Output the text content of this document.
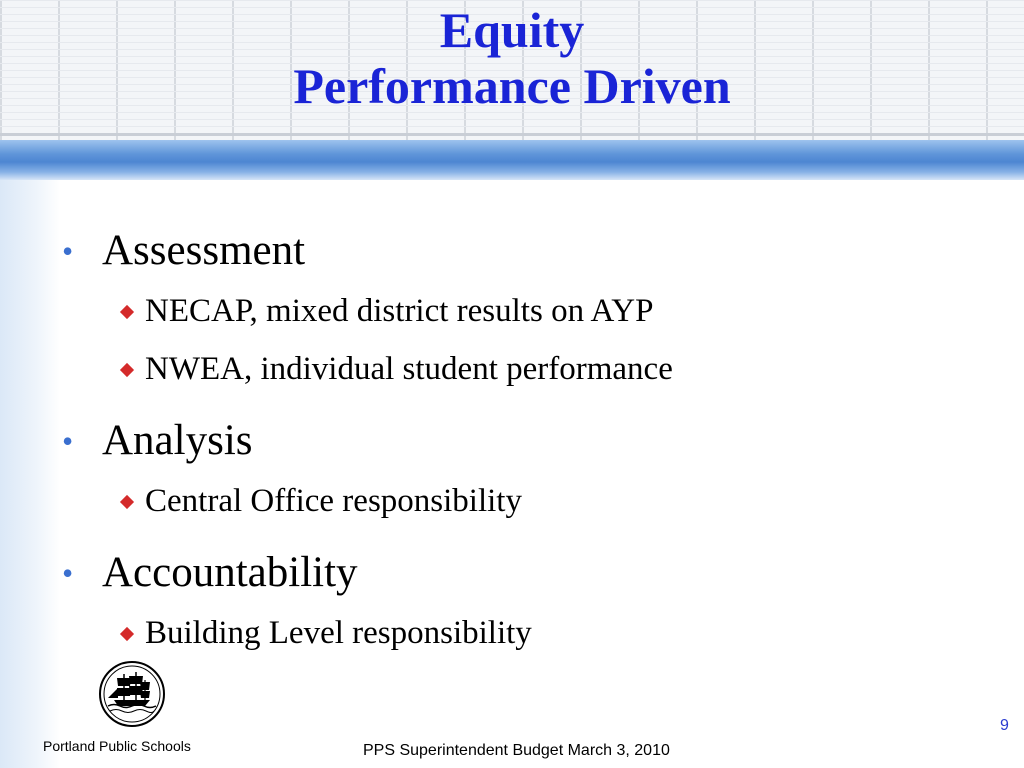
Equity
Performance Driven
• Assessment
NECAP, mixed district results on AYP
NWEA, individual student performance
• Analysis
Central Office responsibility
• Accountability
Building Level responsibility
Portland Public Schools	PPS Superintendent Budget March 3, 2010
9
